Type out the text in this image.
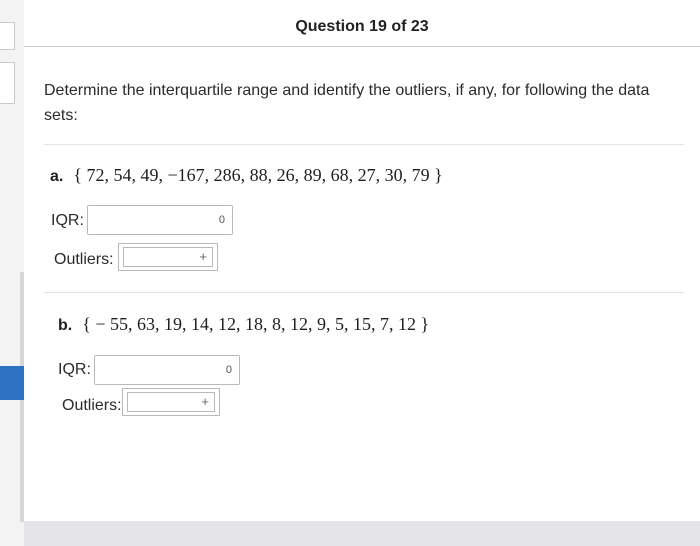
Question 19 of 23
Determine the interquartile range and identify the outliers, if any, for following the data sets:
a. { 72, 54, 49, −167, 286, 88, 26, 89, 68, 27, 30, 79 }
IQR:	0
Outliers:	+
b. { − 55, 63, 19, 14, 12, 18, 8, 12, 9, 5, 15, 7, 12 }
IQR:	0
Outliers:	+
